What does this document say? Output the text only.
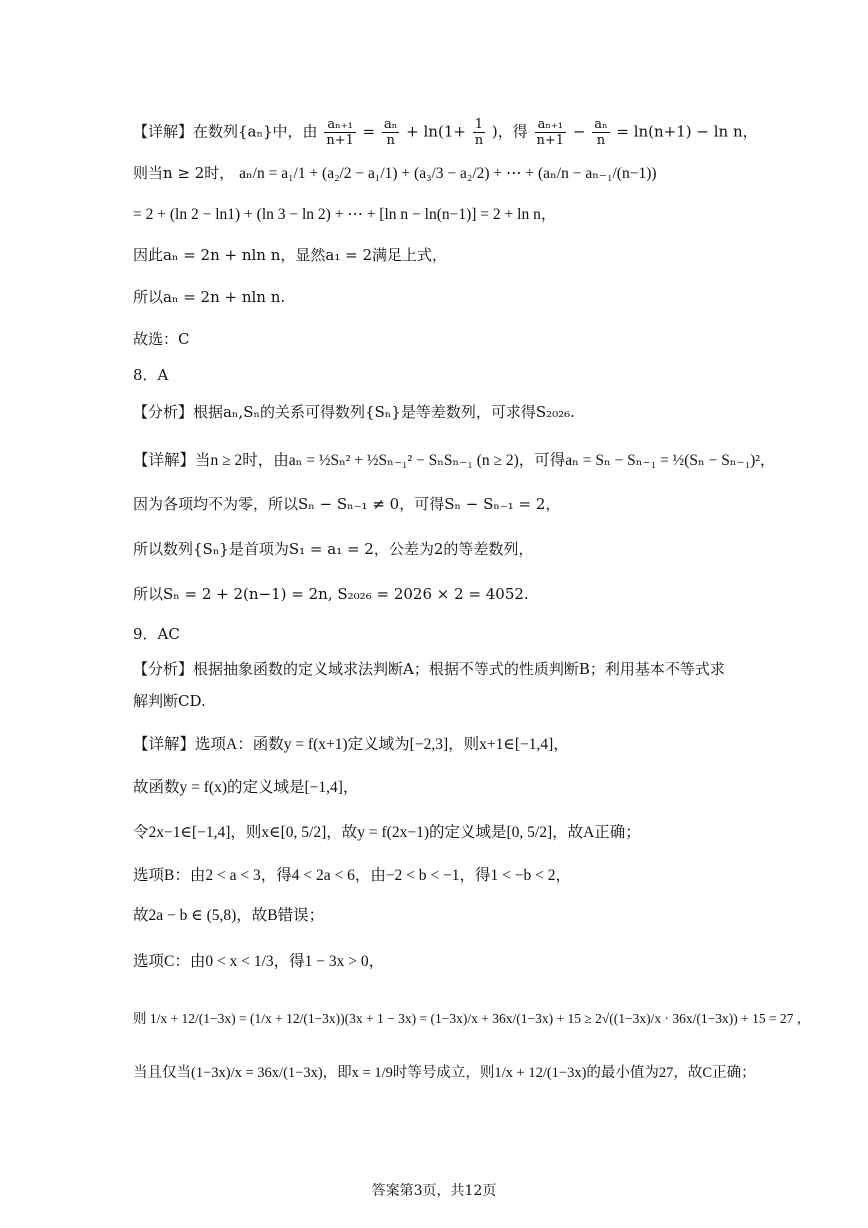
【详解】在数列{aₙ}中，由 $\frac{\text{aₙ₊₁}}{n+1} = \frac{\text{aₙ}}{n} + \ln(1+ \frac{1}{n}$ )，得 $\frac{\text{aₙ₊₁}}{n+1} - \frac{\text{aₙ}}{n} = \ln(n+1) - \ln n$，
则当n ≥ 2时， aₙ/n = a₁/1 + (a₂/2 − a₁/1) + (a₃/3 − a₂/2) + ⋯ + (aₙ/n − aₙ₋₁/(n−1))
= 2 + (ln 2 − ln1) + (ln 3 − ln 2) + ⋯ + [ln n − ln(n−1)] = 2 + ln n，
因此aₙ = 2n + nln n，显然a₁ = 2满足上式，
所以aₙ = 2n + nln n.
故选：C
8．A
【分析】根据aₙ,Sₙ的关系可得数列{Sₙ}是等差数列，可求得S₂₀₂₆.
【详解】当n ≥ 2时，由aₙ = ½Sₙ² + ½Sₙ₋₁² − SₙSₙ₋₁ (n ≥ 2)，可得aₙ = Sₙ − Sₙ₋₁ = ½(Sₙ − Sₙ₋₁)²，
因为各项均不为零，所以Sₙ − Sₙ₋₁ ≠ 0，可得Sₙ − Sₙ₋₁ = 2，
所以数列{Sₙ}是首项为S₁ = a₁ = 2，公差为2的等差数列，
所以Sₙ = 2 + 2(n−1) = 2n, S₂₀₂₆ = 2026 × 2 = 4052.
9．AC
【分析】根据抽象函数的定义域求法判断A；根据不等式的性质判断B；利用基本不等式求
解判断CD.
【详解】选项A：函数y = f(x+1)定义域为[−2,3]，则x+1∈[−1,4]，
故函数y = f(x)的定义域是[−1,4]，
令2x−1∈[−1,4]，则x∈[0, 5/2]，故y = f(2x−1)的定义域是[0, 5/2]，故A正确；
选项B：由2 < a < 3，得4 < 2a < 6，由−2 < b < −1，得1 < −b < 2，
故2a − b ∈ (5,8)，故B错误；
选项C：由0 < x < 1/3，得1 − 3x > 0，
则 1/x + 12/(1−3x) = (1/x + 12/(1−3x))(3x + 1 − 3x) = (1−3x)/x + 36x/(1−3x) + 15 ≥ 2√((1−3x)/x · 36x/(1−3x)) + 15 = 27 ，
当且仅当(1−3x)/x = 36x/(1−3x)，即x = 1/9时等号成立，则1/x + 12/(1−3x)的最小值为27，故C正确；
答案第3页，共12页
